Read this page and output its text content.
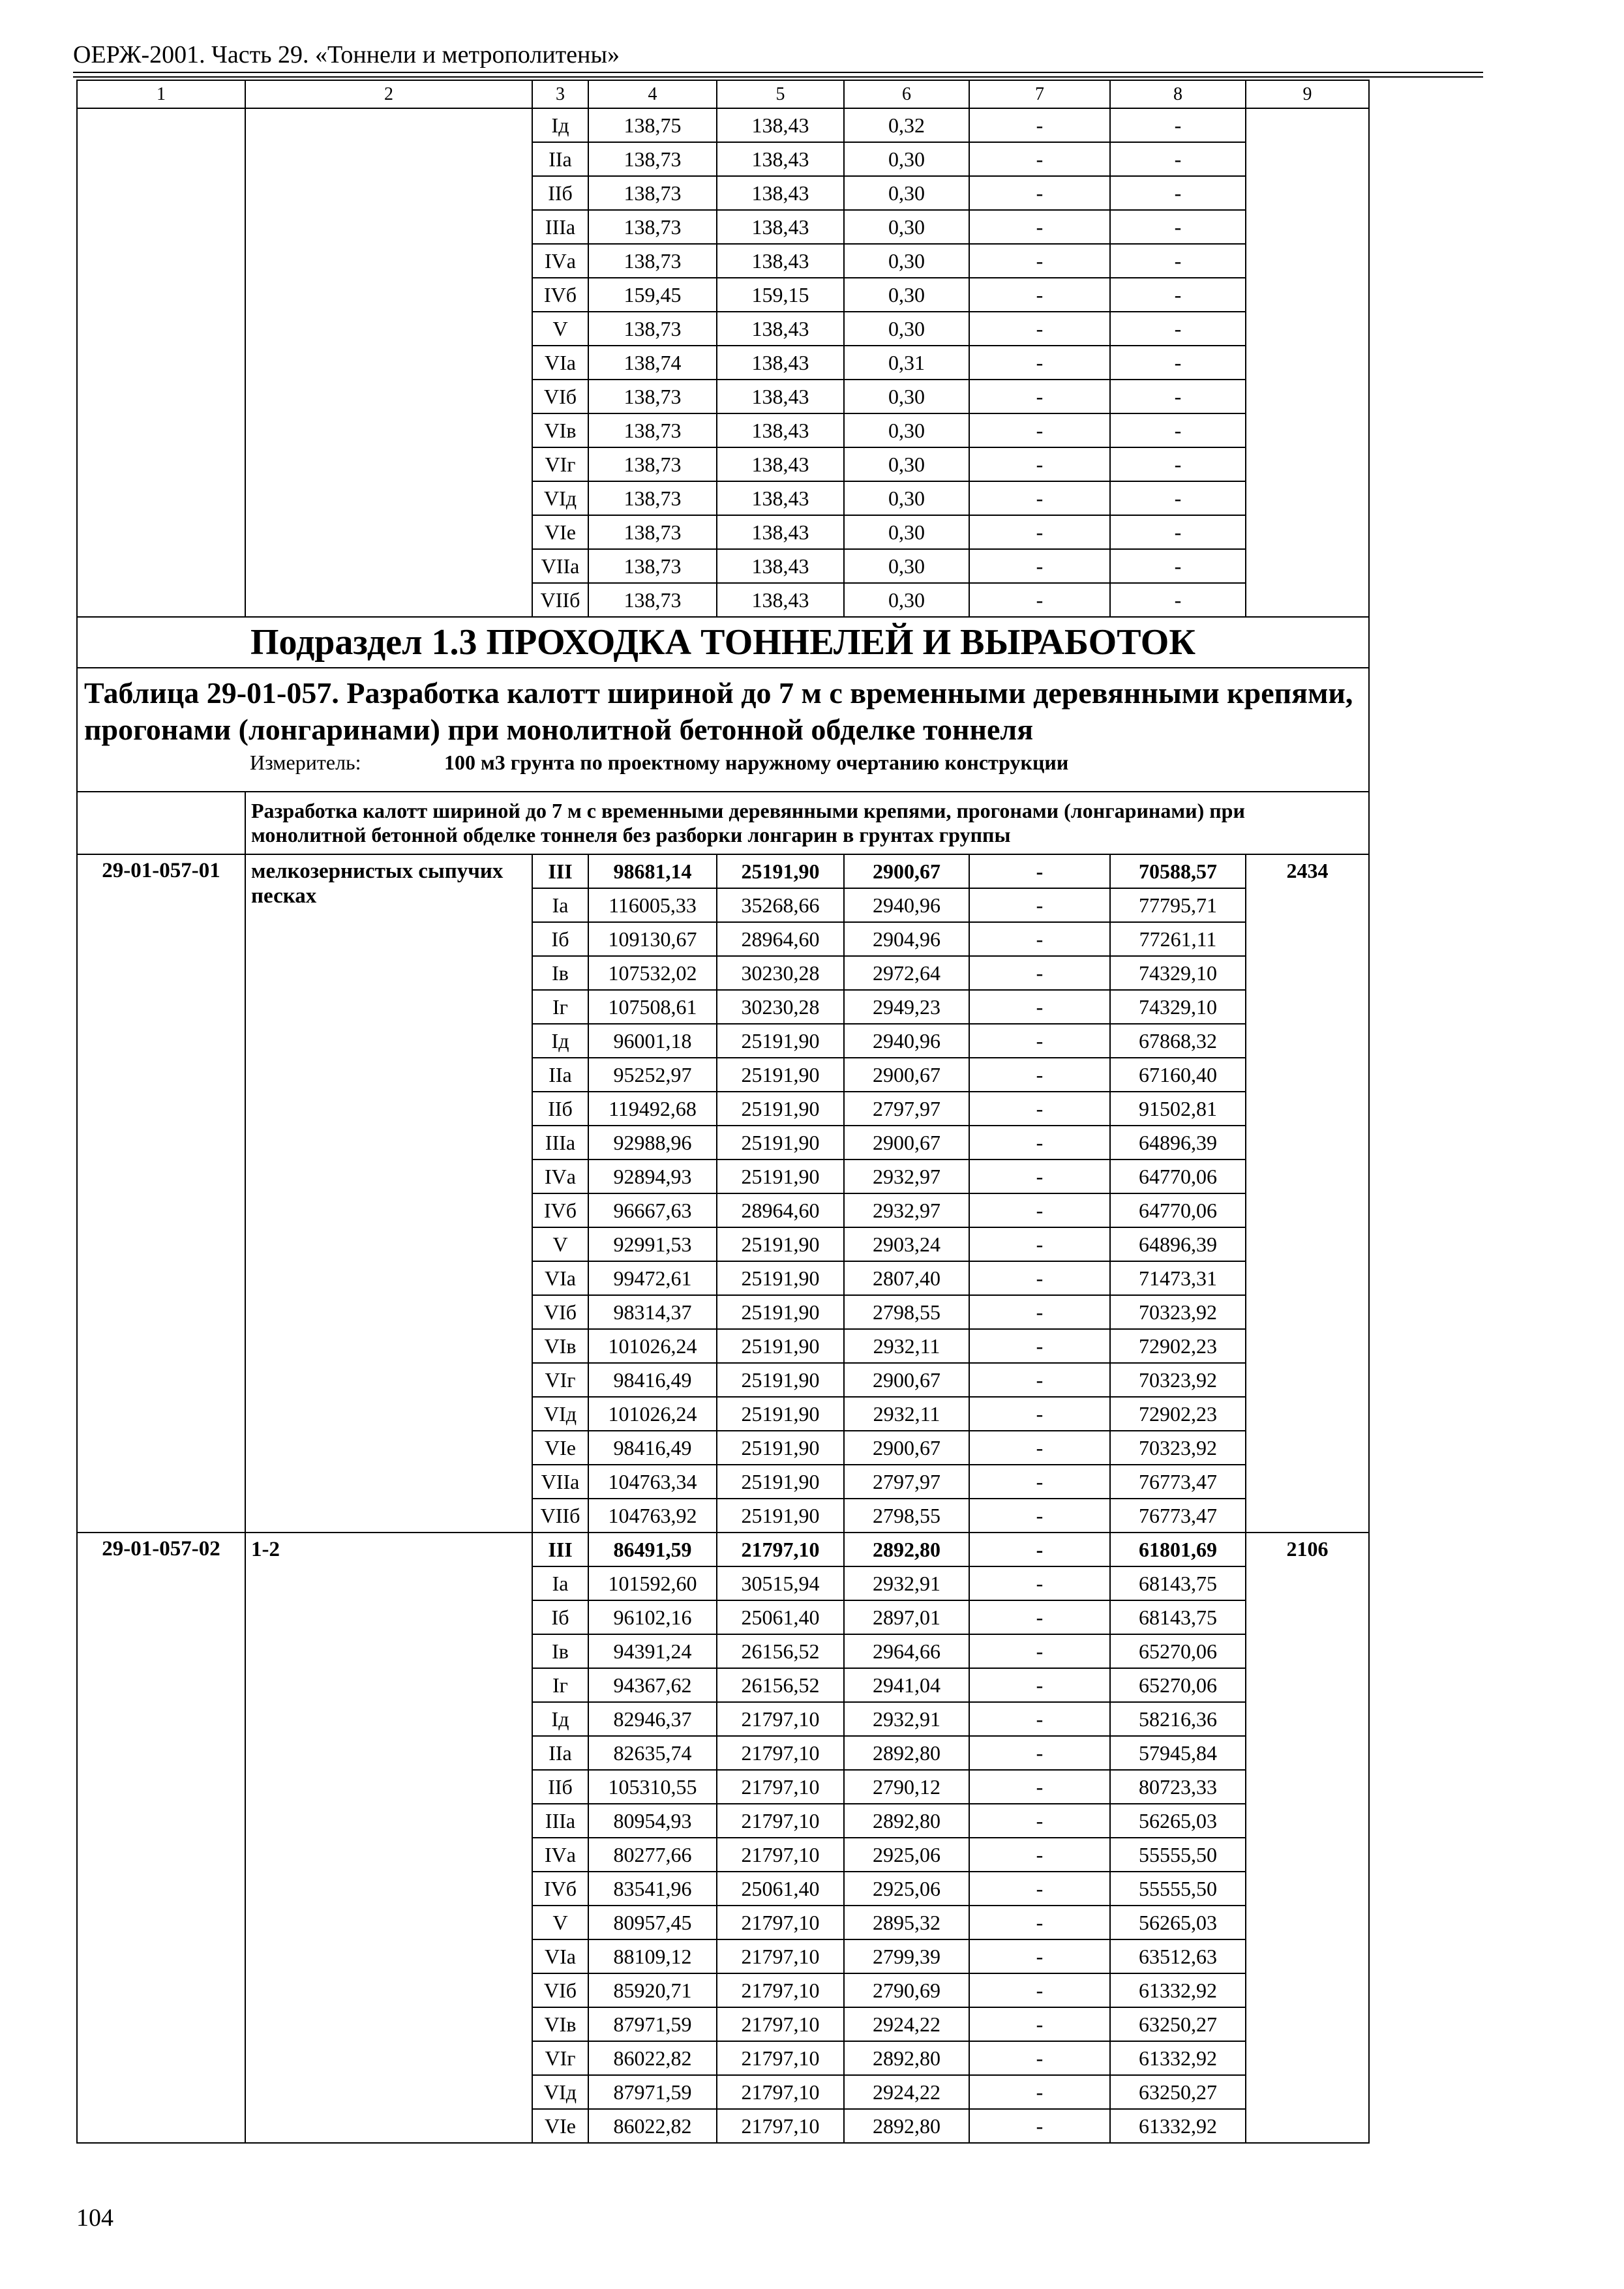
ОЕРЖ-2001. Часть 29. «Тоннели и метрополитены»
1	2	3	4	5	6	7	8	9
		Iд	138,75	138,43	0,32	-	-	
		IIа	138,73	138,43	0,30	-	-	
		IIб	138,73	138,43	0,30	-	-	
		IIIа	138,73	138,43	0,30	-	-	
		IVа	138,73	138,43	0,30	-	-	
		IVб	159,45	159,15	0,30	-	-	
		V	138,73	138,43	0,30	-	-	
		VIа	138,74	138,43	0,31	-	-	
		VIб	138,73	138,43	0,30	-	-	
		VIв	138,73	138,43	0,30	-	-	
		VIг	138,73	138,43	0,30	-	-	
		VIд	138,73	138,43	0,30	-	-	
		VIе	138,73	138,43	0,30	-	-	
		VIIа	138,73	138,43	0,30	-	-	
		VIIб	138,73	138,43	0,30	-	-	
Подраздел 1.3 ПРОХОДКА ТОННЕЛЕЙ И ВЫРАБОТОК								

Таблица 29-01-057. Разработка калотт шириной до 7 м с временными деревянными крепями, прогонами (лонгаринами) при монолитной бетонной обделке тоннеля
Измеритель: 100 м3 грунта по проектному наружному очертанию конструкции								

	Разработка калотт шириной до 7 м с временными деревянными крепями, прогонами (лонгаринами) при монолитной бетонной обделке тоннеля без разборки лонгарин в грунтах группы							
29-01-057-01	мелкозернистых сыпучих песках	III	98681,14	25191,90	2900,67	-	70588,57	2434
		Iа	116005,33	35268,66	2940,96	-	77795,71	
		Iб	109130,67	28964,60	2904,96	-	77261,11	
		Iв	107532,02	30230,28	2972,64	-	74329,10	
		Iг	107508,61	30230,28	2949,23	-	74329,10	
		Iд	96001,18	25191,90	2940,96	-	67868,32	
		IIа	95252,97	25191,90	2900,67	-	67160,40	
		IIб	119492,68	25191,90	2797,97	-	91502,81	
		IIIа	92988,96	25191,90	2900,67	-	64896,39	
		IVа	92894,93	25191,90	2932,97	-	64770,06	
		IVб	96667,63	28964,60	2932,97	-	64770,06	
		V	92991,53	25191,90	2903,24	-	64896,39	
		VIа	99472,61	25191,90	2807,40	-	71473,31	
		VIб	98314,37	25191,90	2798,55	-	70323,92	
		VIв	101026,24	25191,90	2932,11	-	72902,23	
		VIг	98416,49	25191,90	2900,67	-	70323,92	
		VIд	101026,24	25191,90	2932,11	-	72902,23	
		VIе	98416,49	25191,90	2900,67	-	70323,92	
		VIIа	104763,34	25191,90	2797,97	-	76773,47	
		VIIб	104763,92	25191,90	2798,55	-	76773,47	
29-01-057-02	1-2	III	86491,59	21797,10	2892,80	-	61801,69	2106
		Iа	101592,60	30515,94	2932,91	-	68143,75	
		Iб	96102,16	25061,40	2897,01	-	68143,75	
		Iв	94391,24	26156,52	2964,66	-	65270,06	
		Iг	94367,62	26156,52	2941,04	-	65270,06	
		Iд	82946,37	21797,10	2932,91	-	58216,36	
		IIа	82635,74	21797,10	2892,80	-	57945,84	
		IIб	105310,55	21797,10	2790,12	-	80723,33	
		IIIа	80954,93	21797,10	2892,80	-	56265,03	
		IVа	80277,66	21797,10	2925,06	-	55555,50	
		IVб	83541,96	25061,40	2925,06	-	55555,50	
		V	80957,45	21797,10	2895,32	-	56265,03	
		VIа	88109,12	21797,10	2799,39	-	63512,63	
		VIб	85920,71	21797,10	2790,69	-	61332,92	
		VIв	87971,59	21797,10	2924,22	-	63250,27	
		VIг	86022,82	21797,10	2892,80	-	61332,92	
		VIд	87971,59	21797,10	2924,22	-	63250,27	
		VIе	86022,82	21797,10	2892,80	-	61332,92	
104
